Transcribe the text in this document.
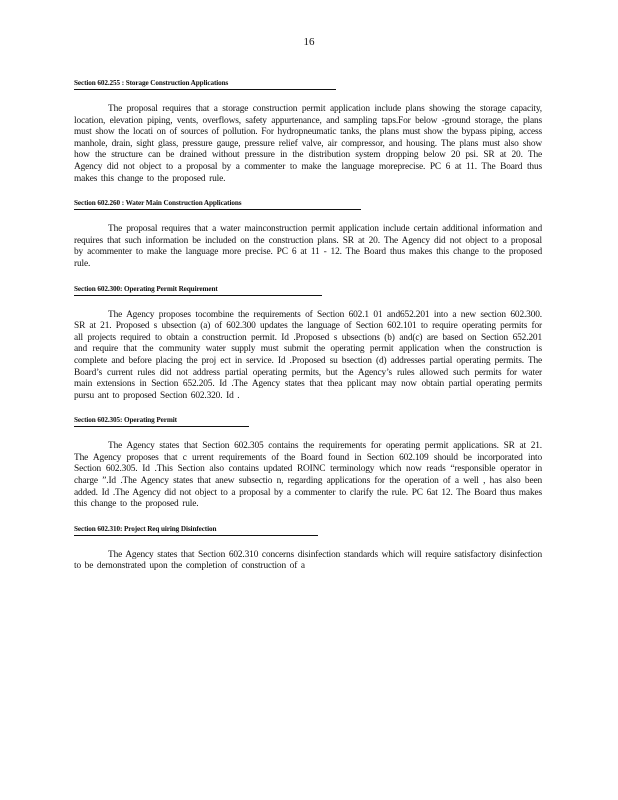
16
Section 602.255 : Storage Construction Applications

The proposal requires that a storage construction permit application include plans showing the storage capacity, location, elevation piping, vents, overflows, safety appurtenance, and sampling taps.For below -ground storage, the plans must show the locati on of sources of pollution. For hydropneumatic tanks, the plans must show the bypass piping, access manhole, drain, sight glass, pressure gauge, pressure relief valve, air compressor, and housing. The plans must also show how the structure can be drained without pressure in the distribution system dropping below 20 psi. SR at 20. The Agency did not object to a proposal by a commenter to make the language moreprecise. PC 6 at 11. The Board thus makes this change to the proposed rule.

Section 602.260 : Water Main Construction Applications

The proposal requires that a water mainconstruction permit application include certain additional information and requires that such information be included on the construction plans. SR at 20. The Agency did not object to a proposal by acommenter to make the language more precise. PC 6 at 11 - 12. The Board thus makes this change to the proposed rule.

Section 602.300: Operating Permit Requirement

The Agency proposes tocombine the requirements of Section 602.1 01 and652.201 into a new section 602.300. SR at 21. Proposed s ubsection (a) of 602.300 updates the language of Section 602.101 to require operating permits for all projects required to obtain a construction permit. Id .Proposed s ubsections (b) and(c) are based on Section 652.201 and require that the community water supply must submit the operating permit application when the construction is complete and before placing the proj ect in service. Id .Proposed su bsection (d) addresses partial operating permits. The Board’s current rules did not address partial operating permits, but the Agency’s rules allowed such permits for water main extensions in Section 652.205. Id .The Agency states that thea pplicant may now obtain partial operating permits pursu ant to proposed Section 602.320. Id .

Section 602.305: Operating Permit

The Agency states that Section 602.305 contains the requirements for operating permit applications. SR at 21. The Agency proposes that c urrent requirements of the Board found in Section 602.109 should be incorporated into Section 602.305. Id .This Section also contains updated ROINC terminology which now reads “responsible operator in charge ”.Id .The Agency states that anew subsectio n, regarding applications for the operation of a well , has also been added. Id .The Agency did not object to a proposal by a commenter to clarify the rule. PC 6at 12. The Board thus makes this change to the proposed rule.

Section 602.310: Project Req uiring Disinfection

The Agency states that Section 602.310 concerns disinfection standards which will require satisfactory disinfection to be demonstrated upon the completion of construction of a
